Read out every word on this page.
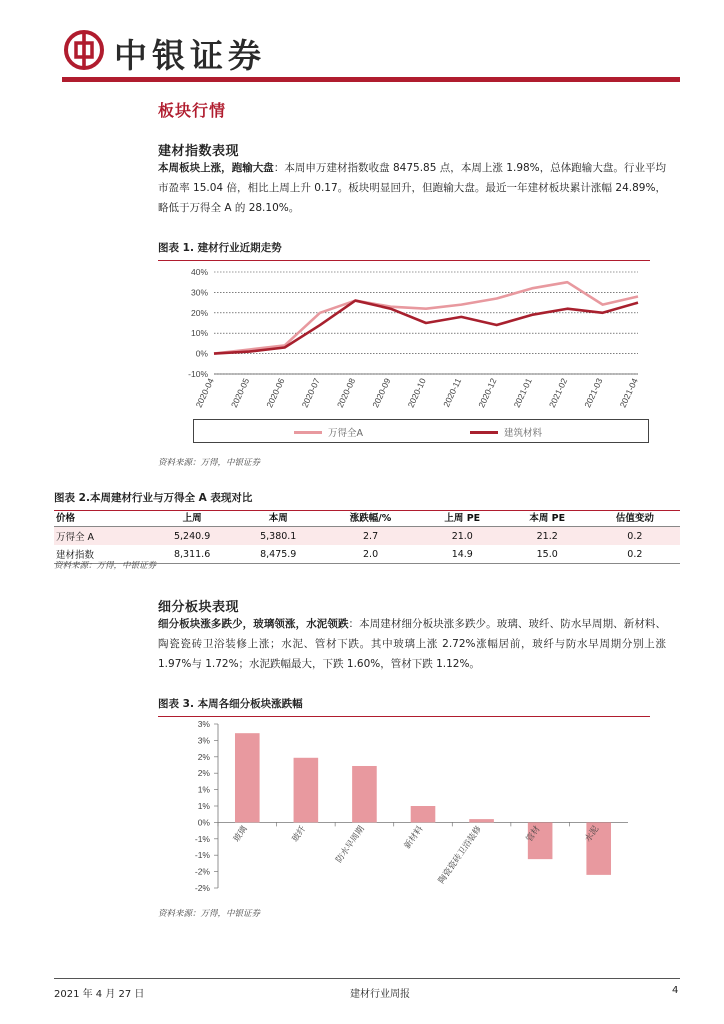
中银证券
板块行情
建材指数表现
本周板块上涨，跑输大盘：本周申万建材指数收盘 8475.85 点，本周上涨 1.98%，总体跑输大盘。行业平均市盈率 15.04 倍，相比上周上升 0.17。板块明显回升，但跑输大盘。最近一年建材板块累计涨幅 24.89%，略低于万得全 A 的 28.10%。
图表 1. 建材行业近期走势
-10%
0%
10%
20%
30%
40%
2020-04 2020-05 2020-06 2020-07 2020-08 2020-09 2020-10 2020-11 2020-12 2021-01 2021-02 2021-03 2021-04
万得全A	建筑材料
资料来源：万得，中银证券
图表 2.本周建材行业与万得全 A 表现对比
价格	上周	本周	涨跌幅/%	上周 PE	本周 PE	估值变动
万得全 A	5,240.9	5,380.1	2.7	21.0	21.2	0.2
建材指数	8,311.6	8,475.9	2.0	14.9	15.0	0.2
资料来源：万得，中银证券
细分板块表现
细分板块涨多跌少，玻璃领涨，水泥领跌：本周建材细分板块涨多跌少。玻璃、玻纤、防水早周期、新材料、陶瓷瓷砖卫浴装修上涨；水泥、管材下跌。其中玻璃上涨 2.72%涨幅居前，玻纤与防水早周期分别上涨 1.97%与 1.72%；水泥跌幅最大，下跌 1.60%，管材下跌 1.12%。
图表 3. 本周各细分板块涨跌幅
-2%
-2%
-1%
-1%
0%
1%
1%
2%
2%
3%
3%
玻璃	玻纤	防水早周期	新材料 陶瓷瓷砖卫浴装修	管材	水泥
资料来源：万得，中银证券
2021 年 4 月 27 日	建材行业周报	4
